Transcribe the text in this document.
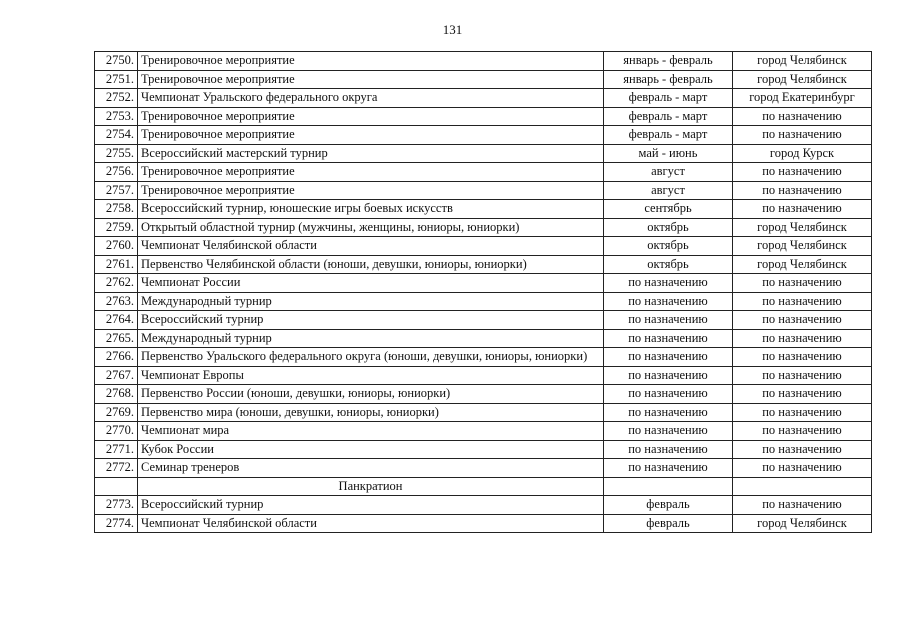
131
2750.	Тренировочное мероприятие	январь - февраль	город Челябинск
2751.	Тренировочное мероприятие	январь - февраль	город Челябинск
2752.	Чемпионат Уральского федерального округа	февраль - март	город Екатеринбург
2753.	Тренировочное мероприятие	февраль - март	по назначению
2754.	Тренировочное мероприятие	февраль - март	по назначению
2755.	Всероссийский мастерский турнир	май - июнь	город Курск
2756.	Тренировочное мероприятие	август	по назначению
2757.	Тренировочное мероприятие	август	по назначению
2758.	Всероссийский турнир, юношеские игры боевых искусств	сентябрь	по назначению
2759.	Открытый областной турнир (мужчины, женщины, юниоры, юниорки)	октябрь	город Челябинск
2760.	Чемпионат Челябинской области	октябрь	город Челябинск
2761.	Первенство Челябинской области (юноши, девушки, юниоры, юниорки)	октябрь	город Челябинск
2762.	Чемпионат России	по назначению	по назначению
2763.	Международный турнир	по назначению	по назначению
2764.	Всероссийский турнир	по назначению	по назначению
2765.	Международный турнир	по назначению	по назначению
2766.	Первенство Уральского федерального округа (юноши, девушки, юниоры, юниорки)	по назначению	по назначению
2767.	Чемпионат Европы	по назначению	по назначению
2768.	Первенство России (юноши, девушки, юниоры, юниорки)	по назначению	по назначению
2769.	Первенство мира (юноши, девушки, юниоры, юниорки)	по назначению	по назначению
2770.	Чемпионат мира	по назначению	по назначению
2771.	Кубок России	по назначению	по назначению
2772.	Семинар тренеров	по назначению	по назначению
	Панкратион		
2773.	Всероссийский турнир	февраль	по назначению
2774.	Чемпионат Челябинской области	февраль	город Челябинск
